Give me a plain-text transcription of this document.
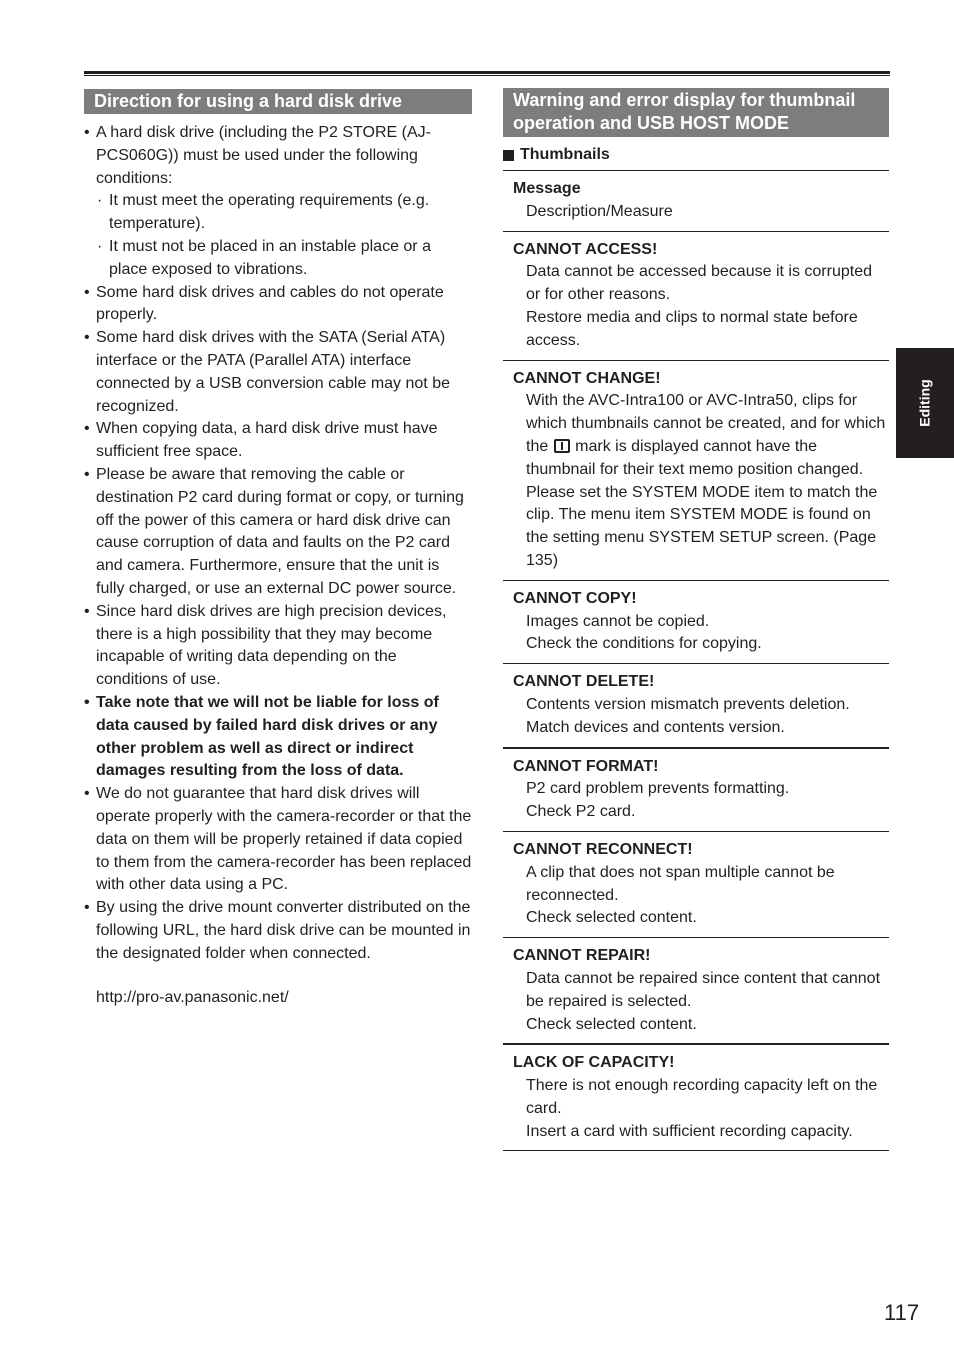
Direction for using a hard disk drive
• A hard disk drive (including the P2 STORE (AJ-PCS060G)) must be used under the following conditions:
· It must meet the operating requirements (e.g. temperature).
· It must not be placed in an instable place or a place exposed to vibrations.
• Some hard disk drives and cables do not operate properly.
• Some hard disk drives with the SATA (Serial ATA) interface or the PATA (Parallel ATA) interface connected by a USB conversion cable may not be recognized.
• When copying data, a hard disk drive must have sufficient free space.
• Please be aware that removing the cable or destination P2 card during format or copy, or turning off the power of this camera or hard disk drive can cause corruption of data and faults on the P2 card and camera. Furthermore, ensure that the unit is fully charged, or use an external DC power source.
• Since hard disk drives are high precision devices, there is a high possibility that they may become incapable of writing data depending on the conditions of use.
• Take note that we will not be liable for loss of data caused by failed hard disk drives or any other problem as well as direct or indirect damages resulting from the loss of data.
• We do not guarantee that hard disk drives will operate properly with the camera-recorder or that the data on them will be properly retained if data copied to them from the camera-recorder has been replaced with other data using a PC.
• By using the drive mount converter distributed on the following URL, the hard disk drive can be mounted in the designated folder when connected.
http://pro-av.panasonic.net/
Warning and error display for thumbnail operation and USB HOST MODE
Thumbnails
Message
Description/Measure
CANNOT ACCESS!
Data cannot be accessed because it is corrupted or for other reasons.
Restore media and clips to normal state before access.
CANNOT CHANGE!
With the AVC-Intra100 or AVC-Intra50, clips for which thumbnails cannot be created, and for which the mark is displayed cannot have the thumbnail for their text memo position changed.
Please set the SYSTEM MODE item to match the clip. The menu item SYSTEM MODE is found on the setting menu SYSTEM SETUP screen. (Page 135)
CANNOT COPY!
Images cannot be copied.
Check the conditions for copying.
CANNOT DELETE!
Contents version mismatch prevents deletion.
Match devices and contents version.
CANNOT FORMAT!
P2 card problem prevents formatting.
Check P2 card.
CANNOT RECONNECT!
A clip that does not span multiple cannot be reconnected.
Check selected content.
CANNOT REPAIR!
Data cannot be repaired since content that cannot be repaired is selected.
Check selected content.
LACK OF CAPACITY!
There is not enough recording capacity left on the card.
Insert a card with sufficient recording capacity.
Editing
117
